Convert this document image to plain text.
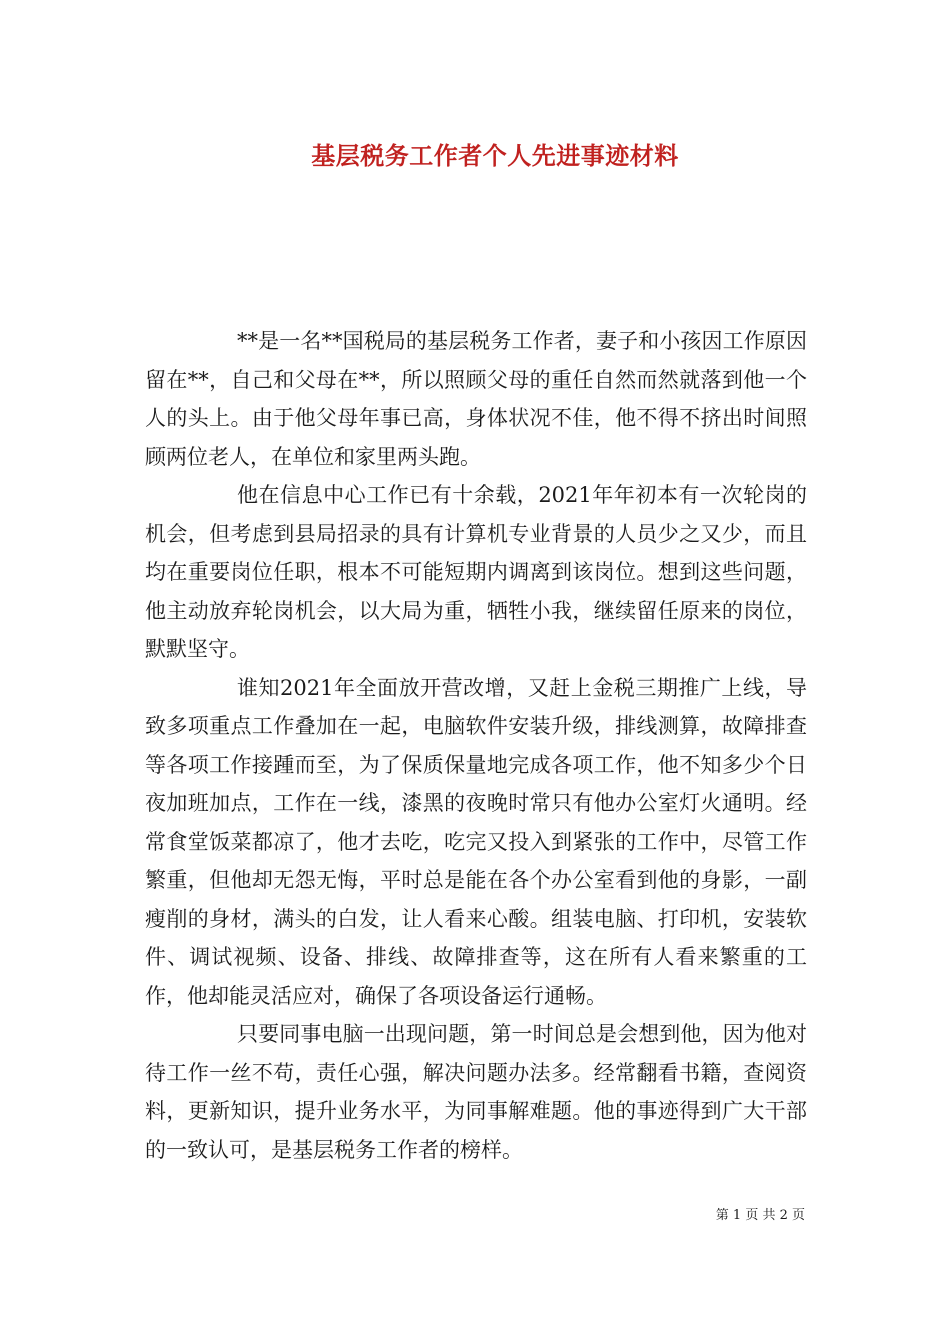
基层税务工作者个人先进事迹材料

**是一名**国税局的基层税务工作者，妻子和小孩因工作原因留在**，自己和父母在**，所以照顾父母的重任自然而然就落到他一个人的头上。由于他父母年事已高，身体状况不佳，他不得不挤出时间照顾两位老人，在单位和家里两头跑。

他在信息中心工作已有十余载，2021年年初本有一次轮岗的机会，但考虑到县局招录的具有计算机专业背景的人员少之又少，而且均在重要岗位任职，根本不可能短期内调离到该岗位。想到这些问题，他主动放弃轮岗机会，以大局为重，牺牲小我，继续留任原来的岗位，默默坚守。

谁知2021年全面放开营改增，又赶上金税三期推广上线，导致多项重点工作叠加在一起，电脑软件安装升级，排线测算，故障排查等各项工作接踵而至，为了保质保量地完成各项工作，他不知多少个日夜加班加点，工作在一线，漆黑的夜晚时常只有他办公室灯火通明。经常食堂饭菜都凉了，他才去吃，吃完又投入到紧张的工作中，尽管工作繁重，但他却无怨无悔，平时总是能在各个办公室看到他的身影，一副瘦削的身材，满头的白发，让人看来心酸。组装电脑、打印机，安装软件、调试视频、设备、排线、故障排查等，这在所有人看来繁重的工作，他却能灵活应对，确保了各项设备运行通畅。

只要同事电脑一出现问题，第一时间总是会想到他，因为他对待工作一丝不苟，责任心强，解决问题办法多。经常翻看书籍，查阅资料，更新知识，提升业务水平，为同事解难题。他的事迹得到广大干部的一致认可，是基层税务工作者的榜样。

第 1 页 共 2 页
